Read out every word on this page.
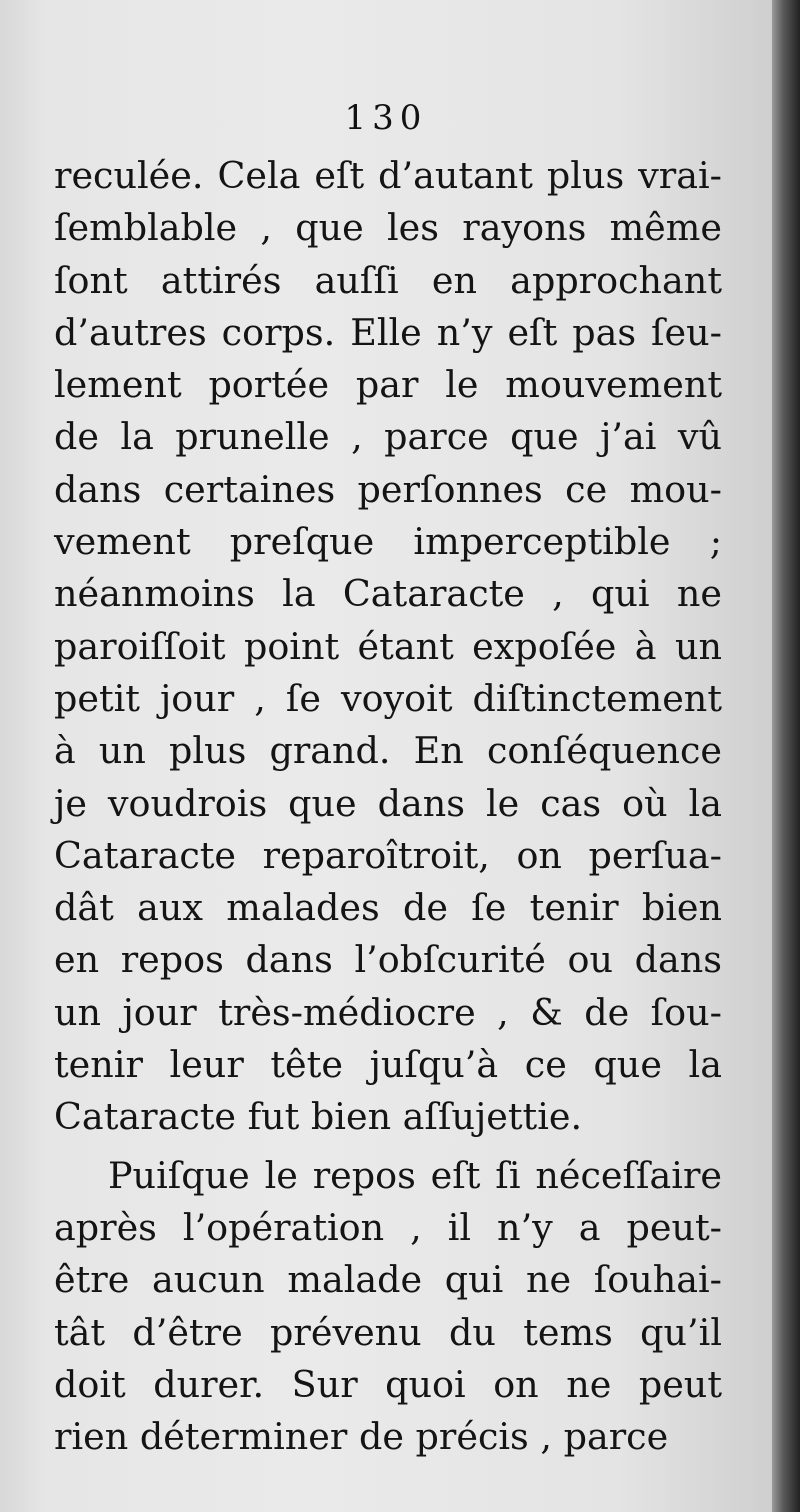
130
reculée. Cela eſt d’autant plus vrai-
ſemblable , que les rayons même
ſont attirés auſſi en approchant
d’autres corps. Elle n’y eſt pas ſeu-
lement portée par le mouvement
de la prunelle , parce que j’ai vû
dans certaines perſonnes ce mou-
vement preſque imperceptible ;
néanmoins la Cataracte , qui ne
paroiſſoit point étant expoſée à un
petit jour , ſe voyoit diſtinctement
à un plus grand. En conſéquence
je voudrois que dans le cas où la
Cataracte reparoîtroit, on perſua-
dât aux malades de ſe tenir bien
en repos dans l’obſcurité ou dans
un jour très-médiocre , & de ſou-
tenir leur tête juſqu’à ce que la
Cataracte fut bien aſſujettie.
Puiſque le repos eſt ſi néceſſaire
après l’opération , il n’y a peut-
être aucun malade qui ne ſouhai-
tât d’être prévenu du tems qu’il
doit durer. Sur quoi on ne peut
rien déterminer de précis , parce
